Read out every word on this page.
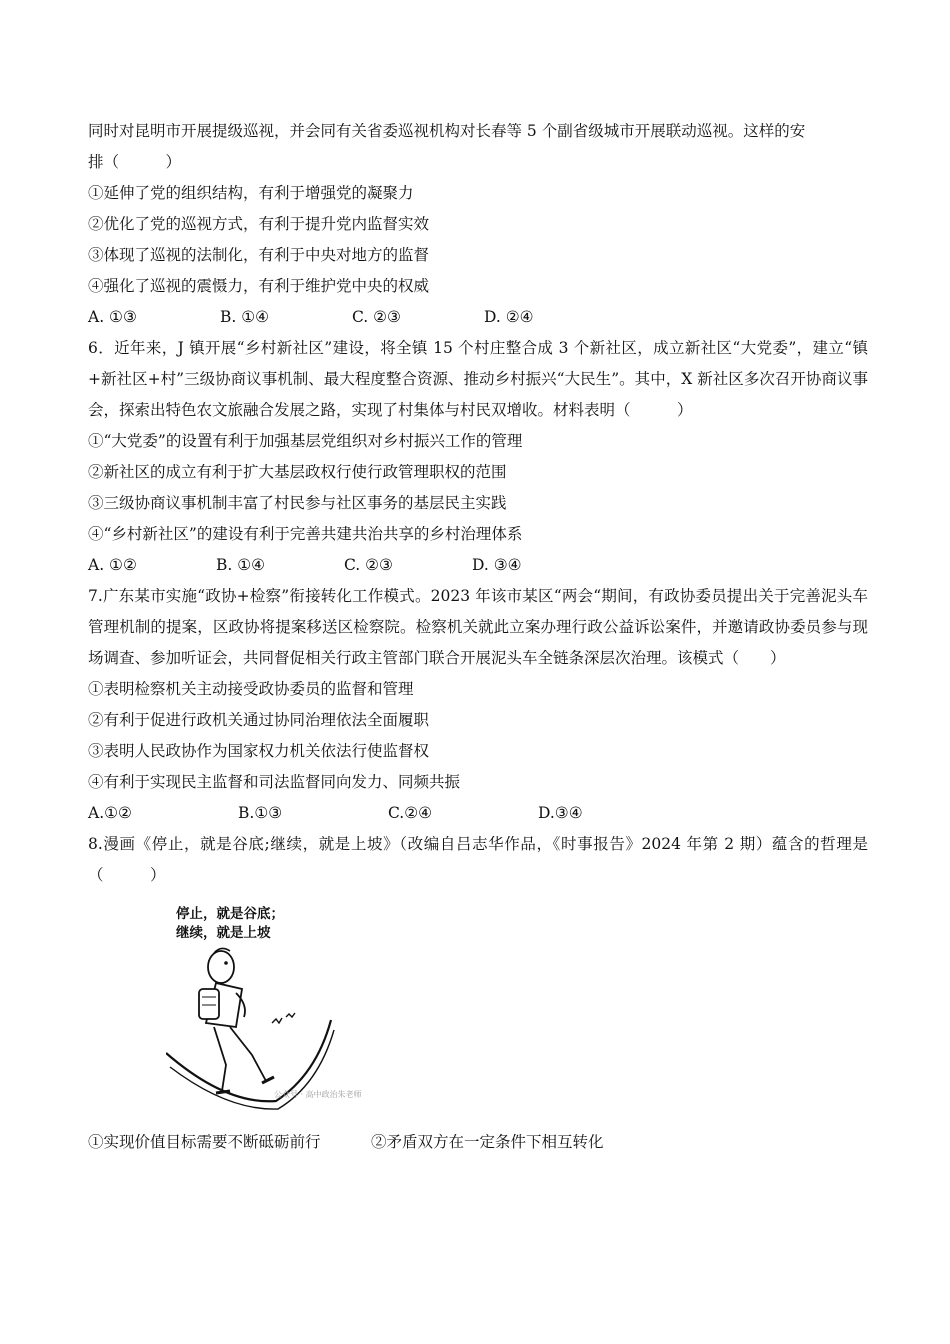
同时对昆明市开展提级巡视，并会同有关省委巡视机构对长春等 5 个副省级城市开展联动巡视。这样的安
排（　　　）
①延伸了党的组织结构，有利于增强党的凝聚力
②优化了党的巡视方式，有利于提升党内监督实效
③体现了巡视的法制化，有利于中央对地方的监督
④强化了巡视的震慑力，有利于维护党中央的权威
A. ①③	B. ①④	C. ②③	D. ②④
6．近年来，J 镇开展“乡村新社区”建设，将全镇 15 个村庄整合成 3 个新社区，成立新社区“大党委”，建立“镇+新社区+村”三级协商议事机制、最大程度整合资源、推动乡村振兴“大民生”。其中，X 新社区多次召开协商议事会，探索出特色农文旅融合发展之路，实现了村集体与村民双增收。材料表明（　　　）
①“大党委”的设置有利于加强基层党组织对乡村振兴工作的管理
②新社区的成立有利于扩大基层政权行使行政管理职权的范围
③三级协商议事机制丰富了村民参与社区事务的基层民主实践
④“乡村新社区”的建设有利于完善共建共治共享的乡村治理体系
A. ①②	B. ①④	C. ②③	D. ③④
7.广东某市实施“政协+检察”衔接转化工作模式。2023 年该市某区“两会“期间，有政协委员提出关于完善泥头车管理机制的提案，区政协将提案移送区检察院。检察机关就此立案办理行政公益诉讼案件，并邀请政协委员参与现场调查、参加听证会，共同督促相关行政主管部门联合开展泥头车全链条深层次治理。该模式（　　）
①表明检察机关主动接受政协委员的监督和管理
②有利于促进行政机关通过协同治理依法全面履职
③表明人民政协作为国家权力机关依法行使监督权
④有利于实现民主监督和司法监督同向发力、同频共振
A.①②	B.①③	C.②④	D.③④
8.漫画《停止，就是谷底;继续，就是上坡》（改编自吕志华作品，《时事报告》2024 年第 2 期）蕴含的哲理是（　　　）
停止，就是谷底；
继续，就是上坡
公众号 · 高中政治朱老师
①实现价值目标需要不断砥砺前行	②矛盾双方在一定条件下相互转化
